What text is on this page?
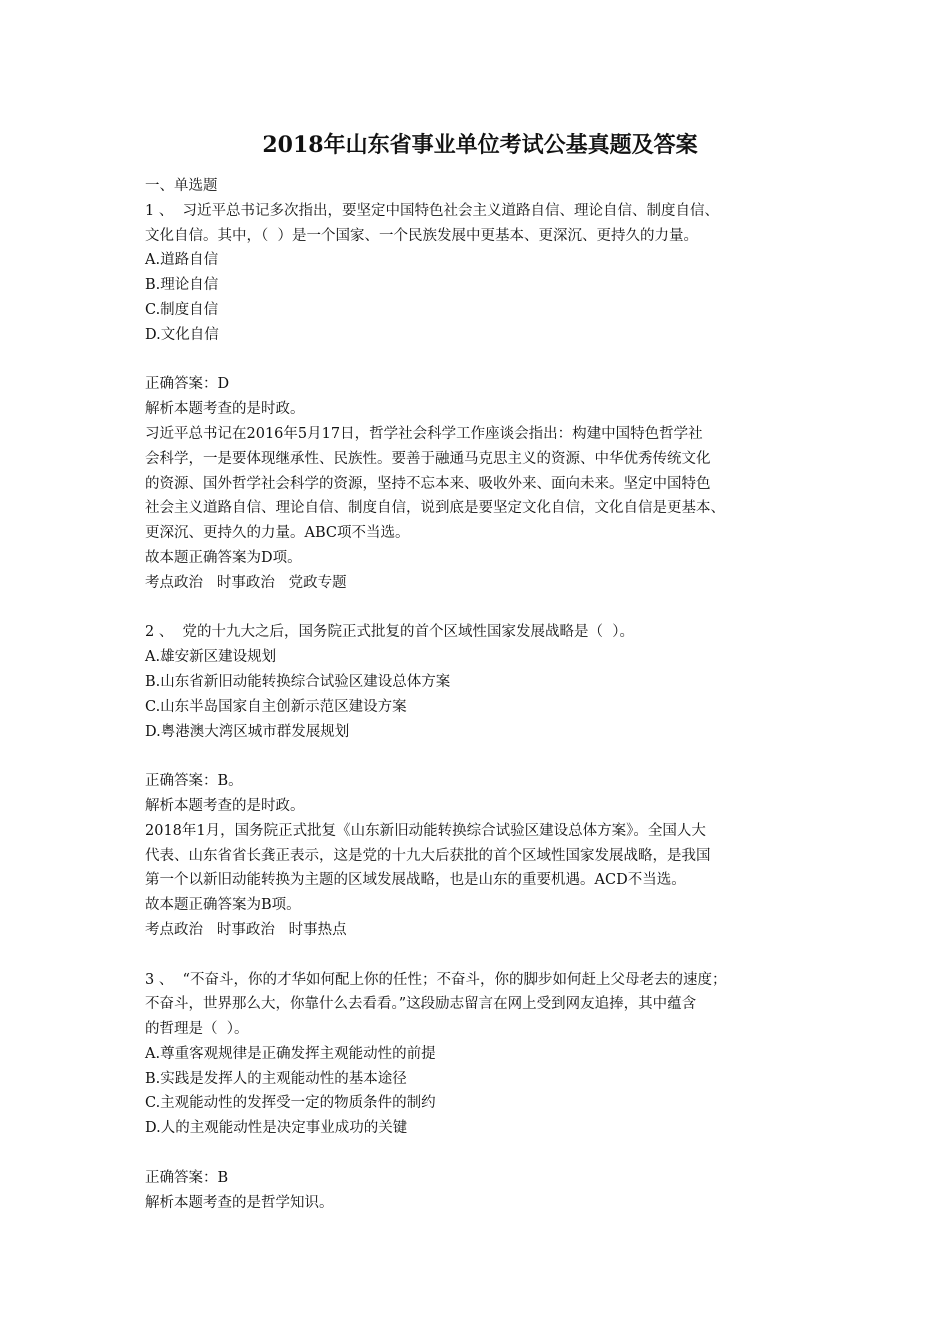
2018年山东省事业单位考试公基真题及答案

一、单选题

1 、  习近平总书记多次指出，要坚定中国特色社会主义道路自信、理论自信、制度自信、

文化自信。其中，（  ）是一个国家、一个民族发展中更基本、更深沉、更持久的力量。

A.道路自信

B.理论自信

C.制度自信

D.文化自信

正确答案：D

解析本题考查的是时政。

习近平总书记在2016年5月17日，哲学社会科学工作座谈会指出：构建中国特色哲学社

会科学，一是要体现继承性、民族性。要善于融通马克思主义的资源、中华优秀传统文化

的资源、国外哲学社会科学的资源，坚持不忘本来、吸收外来、面向未来。坚定中国特色

社会主义道路自信、理论自信、制度自信，说到底是要坚定文化自信，文化自信是更基本、

更深沉、更持久的力量。ABC项不当选。

故本题正确答案为D项。

考点政治   时事政治   党政专题

2 、  党的十九大之后，国务院正式批复的首个区域性国家发展战略是（  ）。

A.雄安新区建设规划

B.山东省新旧动能转换综合试验区建设总体方案

C.山东半岛国家自主创新示范区建设方案

D.粤港澳大湾区城市群发展规划

正确答案：B。

解析本题考查的是时政。

2018年1月，国务院正式批复《山东新旧动能转换综合试验区建设总体方案》。全国人大

代表、山东省省长龚正表示，这是党的十九大后获批的首个区域性国家发展战略，是我国

第一个以新旧动能转换为主题的区域发展战略，也是山东的重要机遇。ACD不当选。

故本题正确答案为B项。

考点政治   时事政治   时事热点

3 、  “不奋斗，你的才华如何配上你的任性；不奋斗，你的脚步如何赶上父母老去的速度；

不奋斗，世界那么大，你靠什么去看看。”这段励志留言在网上受到网友追捧，其中蕴含

的哲理是（  ）。

A.尊重客观规律是正确发挥主观能动性的前提

B.实践是发挥人的主观能动性的基本途径

C.主观能动性的发挥受一定的物质条件的制约

D.人的主观能动性是决定事业成功的关键

正确答案：B

解析本题考查的是哲学知识。
